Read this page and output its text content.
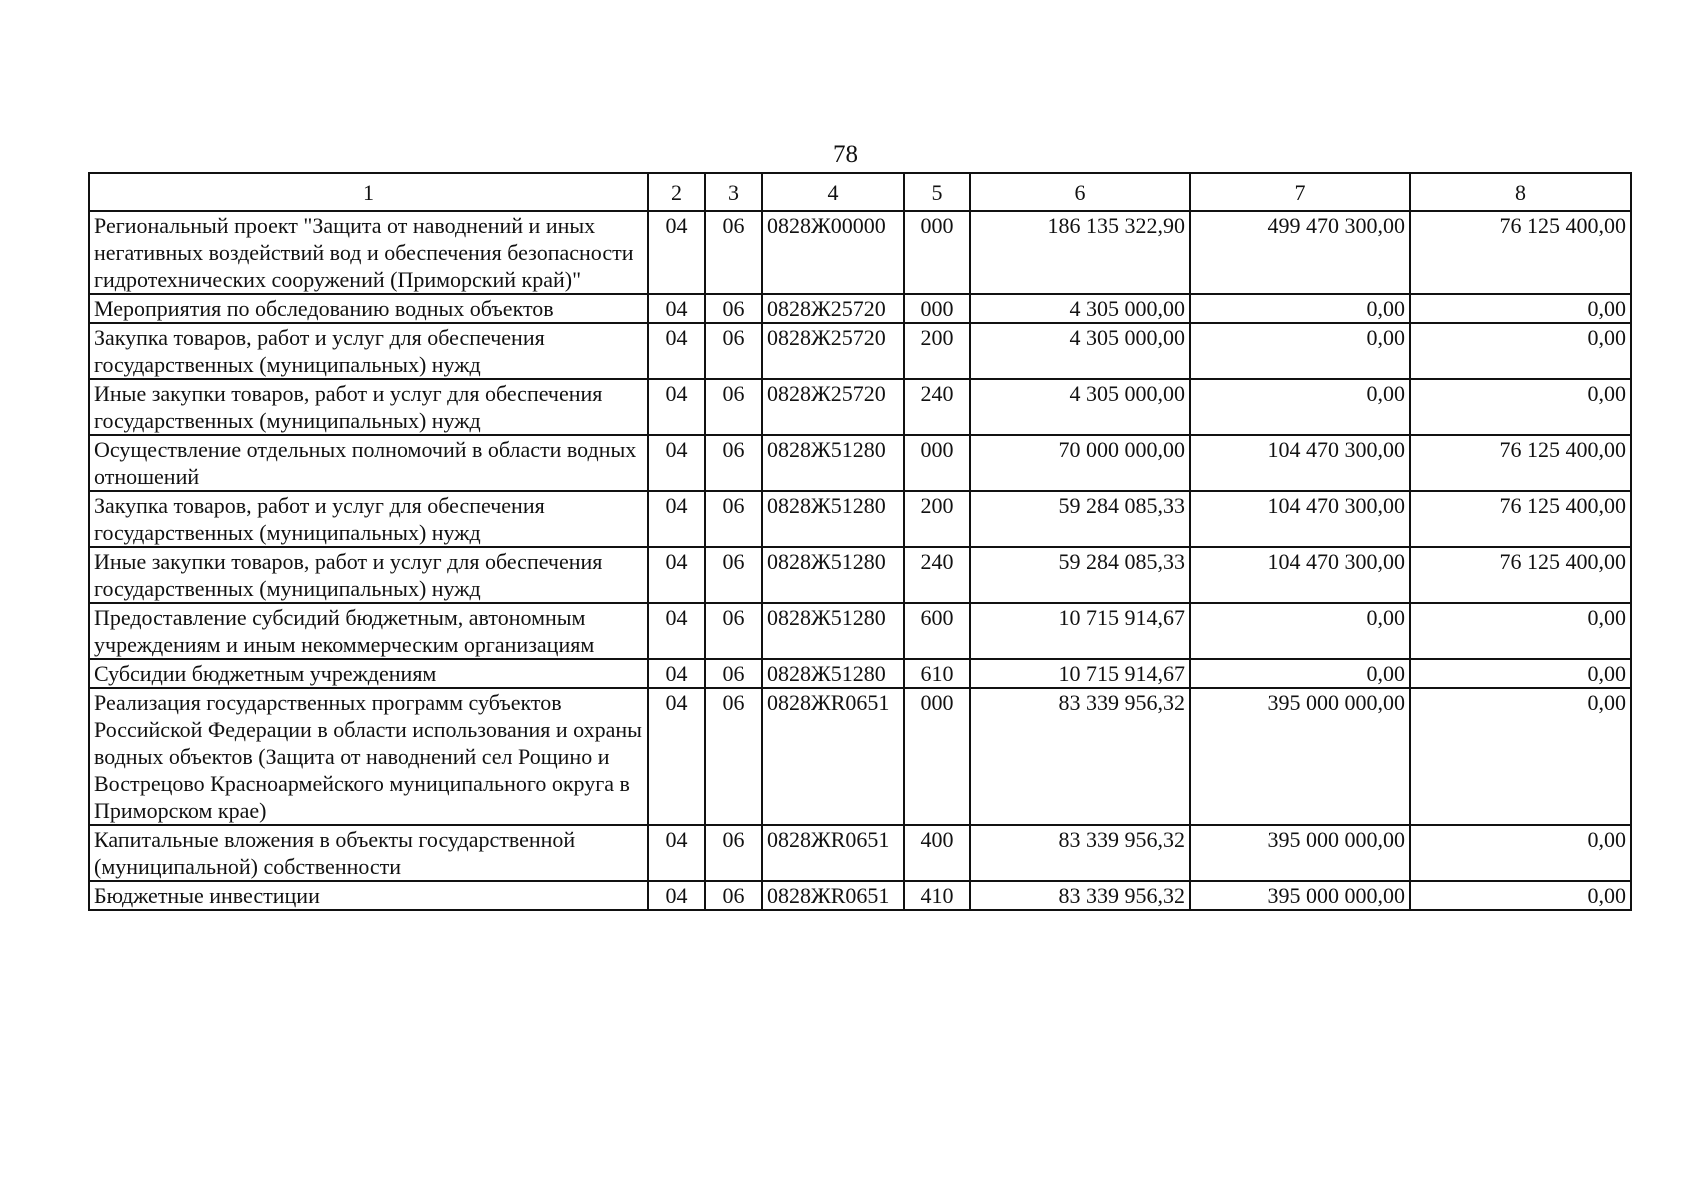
78
1	2	3	4	5	6	7	8
Региональный проект "Защита от наводнений и иных негативных воздействий вод и обеспечения безопасности гидротехнических сооружений (Приморский край)"	04	06	0828Ж00000	000	186 135 322,90	499 470 300,00	76 125 400,00
Мероприятия по обследованию водных объектов	04	06	0828Ж25720	000	4 305 000,00	0,00	0,00
Закупка товаров, работ и услуг для обеспечения государственных (муниципальных) нужд	04	06	0828Ж25720	200	4 305 000,00	0,00	0,00
Иные закупки товаров, работ и услуг для обеспечения государственных (муниципальных) нужд	04	06	0828Ж25720	240	4 305 000,00	0,00	0,00
Осуществление отдельных полномочий в области водных отношений	04	06	0828Ж51280	000	70 000 000,00	104 470 300,00	76 125 400,00
Закупка товаров, работ и услуг для обеспечения государственных (муниципальных) нужд	04	06	0828Ж51280	200	59 284 085,33	104 470 300,00	76 125 400,00
Иные закупки товаров, работ и услуг для обеспечения государственных (муниципальных) нужд	04	06	0828Ж51280	240	59 284 085,33	104 470 300,00	76 125 400,00
Предоставление субсидий бюджетным, автономным учреждениям и иным некоммерческим организациям	04	06	0828Ж51280	600	10 715 914,67	0,00	0,00
Субсидии бюджетным учреждениям	04	06	0828Ж51280	610	10 715 914,67	0,00	0,00
Реализация государственных программ субъектов Российской Федерации в области использования и охраны водных объектов (Защита от наводнений сел Рощино и Вострецово Красноармейского муниципального округа в Приморском крае)	04	06	0828ЖR0651	000	83 339 956,32	395 000 000,00	0,00
Капитальные вложения в объекты государственной (муниципальной) собственности	04	06	0828ЖR0651	400	83 339 956,32	395 000 000,00	0,00
Бюджетные инвестиции	04	06	0828ЖR0651	410	83 339 956,32	395 000 000,00	0,00
